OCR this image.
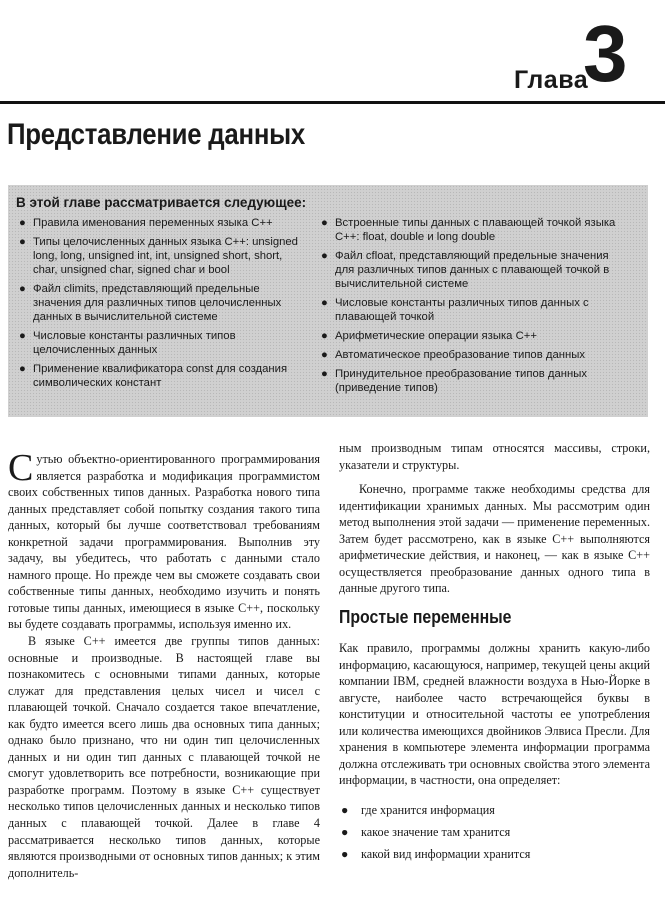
Глава
3
Представление данных
В этой главе рассматривается следующее:
● Правила именования переменных языка C++
● Типы целочисленных данных языка C++: unsigned long, long, unsigned int, int, unsigned short, short, char, unsigned char, signed char и bool
● Файл climits, представляющий предельные значения для различных типов целочисленных данных в вычислительной системе
● Числовые константы различных типов целочисленных данных
● Применение квалификатора const для создания символических констант
● Встроенные типы данных с плавающей точкой языка C++: float, double и long double
● Файл cfloat, представляющий предельные значения для различных типов данных с плавающей точкой в вычислительной системе
● Числовые константы различных типов данных с плавающей точкой
● Арифметические операции языка C++
● Автоматическое преобразование типов данных
● Принудительное преобразование типов данных (приведение типов)

Сутью объектно-ориентированного программирования является разработка и модификация программистом своих собственных типов данных. Разработка нового типа данных представляет собой попытку создания такого типа данных, который бы лучше соответствовал требованиям конкретной задачи программирования. Выполнив эту задачу, вы убедитесь, что работать с данными стало намного проще. Но прежде чем вы сможете создавать свои собственные типы данных, необходимо изучить и понять готовые типы данных, имеющиеся в языке C++, поскольку вы будете создавать программы, используя именно их.

В языке C++ имеется две группы типов данных: основные и производные. В настоящей главе вы познакомитесь с основными типами данных, которые служат для представления целых чисел и чисел с плавающей точкой. Сначало создается такое впечатление, как будто имеется всего лишь два основных типа данных; однако было признано, что ни один тип целочисленных данных и ни один тип данных с плавающей точкой не смогут удовлетворить все потребности, возникающие при разработке программ. Поэтому в языке C++ существует несколько типов целочисленных данных и несколько типов данных с плавающей точкой. Далее в главе 4 рассматривается несколько типов данных, которые являются производными от основных типов данных; к этим дополнитель-

ным производным типам относятся массивы, строки, указатели и структуры.

Конечно, программе также необходимы средства для идентификации хранимых данных. Мы рассмотрим один метод выполнения этой задачи — применение переменных. Затем будет рассмотрено, как в языке C++ выполняются арифметические действия, и наконец, — как в языке C++ осуществляется преобразование данных одного типа в данные другого типа.

Простые переменные

Как правило, программы должны хранить какую-либо информацию, касающуюся, например, текущей цены акций компании IBM, средней влажности воздуха в Нью-Йорке в августе, наиболее часто встречающейся буквы в конституции и относительной частоты ее употребления или количества имеющихся двойников Элвиса Пресли. Для хранения в компьютере элемента информации программа должна отслеживать три основных свойства этого элемента информации, в частности, она определяет:

● где хранится информация
● какое значение там хранится
● какой вид информации хранится
